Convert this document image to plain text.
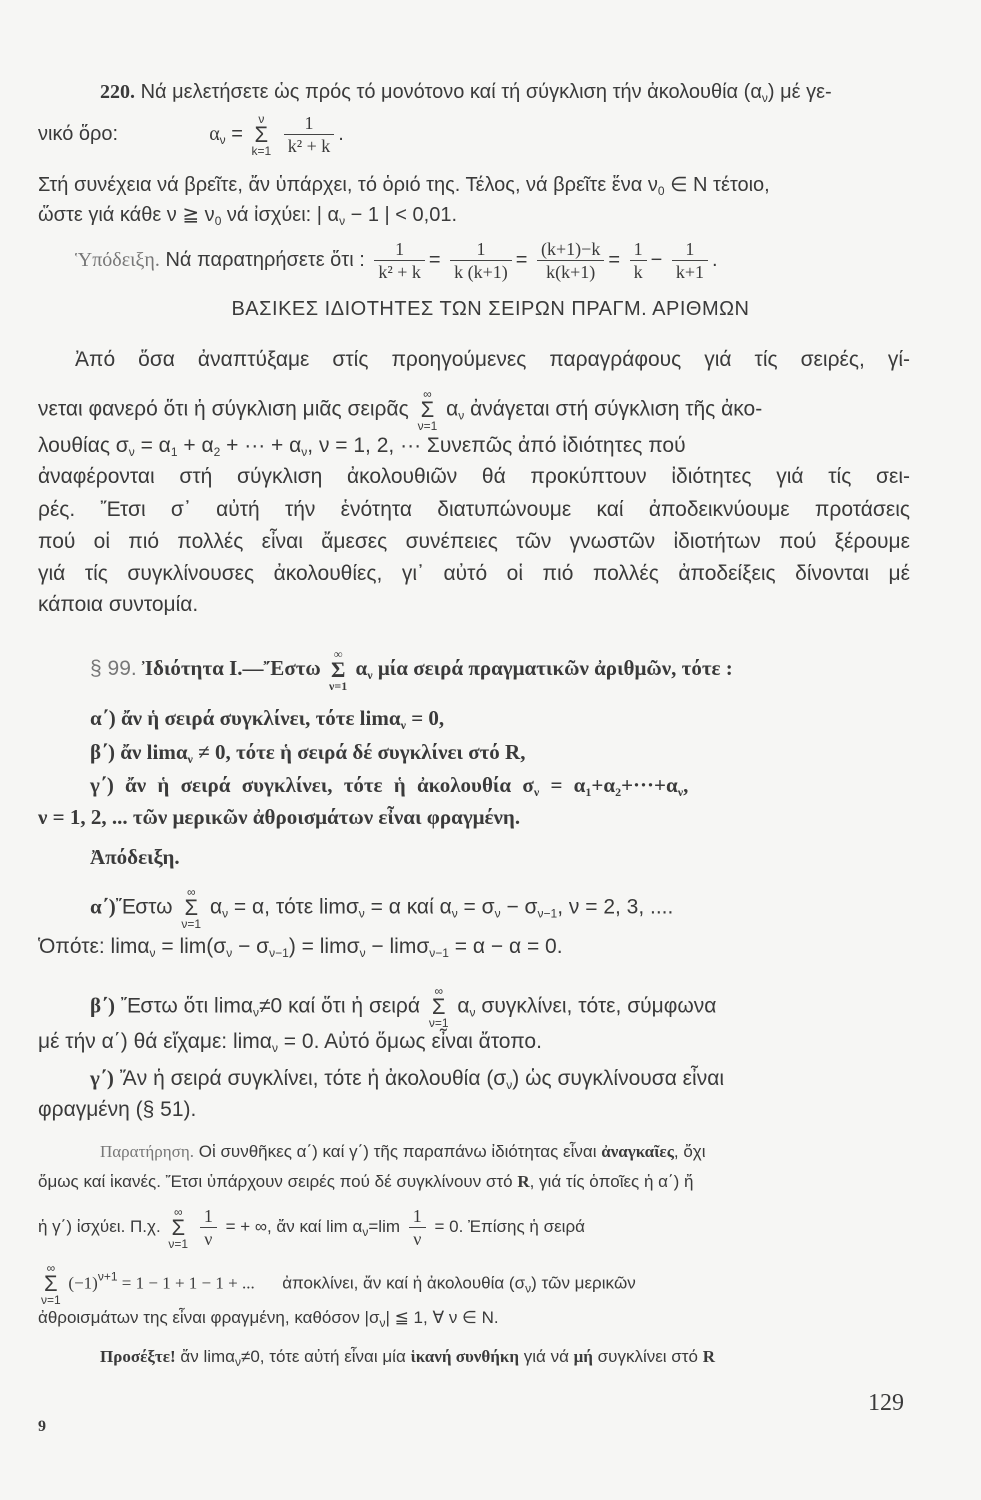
220. Νά μελετήσετε ὡς πρός τό μονότονο καί τή σύγκλιση τήν ἀκολουθία $(\alpha_\nu)$ μέ γε-
νικό ὅρο:	$\alpha_\nu$ =
ν
Σ
k=1
$\frac{1}{\text{k² + k}}$ .
Στή συνέχεια νά βρεῖτε, ἄν ὑπάρχει, τό ὁριό της. Τέλος, νά βρεῖτε ἕνα $\nu_0$ ∈ N τέτοιο,
ὥστε γιά κάθε ν ≧ $\nu_0$ νά ἰσχύει: | $\alpha_\nu - 1$ | < 0,01.
Ὑπόδειξη. Νά παρατηρήσετε ὅτι : $\frac{1}{\text{k² + k}} = \frac{1}{k (k+1)} = \frac{(k+1)-k}{k(k+1)} = \frac{1}{k} - \frac{1}{k+1}$ .
ΒΑΣΙΚΕΣ ΙΔΙΟΤΗΤΕΣ ΤΩΝ ΣΕΙΡΩΝ ΠΡΑΓΜ. ΑΡΙΘΜΩΝ
Ἀπό ὅσα ἀναπτύξαμε στίς προηγούμενες παραγράφους γιά τίς σειρές, γί-
νεται φανερό ὅτι ἡ σύγκλιση μιᾶς σειρᾶς
∞
Σ
ν=1
$\alpha_\nu$ ἀνάγεται στή σύγκλιση τῆς ἀκο-
λουθίας $\sigma_\nu = \alpha_1 + \alpha_2$ + ··· + $\alpha_\nu$, ν = 1, 2, ··· Συνεπῶς ἀπό ἰδιότητες πού
ἀναφέρονται στή σύγκλιση ἀκολουθιῶν θά προκύπτουν ἰδιότητες γιά τίς σει-
ρές. Ἔτσι σ᾽ αὐτή τήν ἑνότητα διατυπώνουμε καί ἀποδεικνύουμε προτάσεις
πού οἱ πιό πολλές εἶναι ἄμεσες συνέπειες τῶν γνωστῶν ἰδιοτήτων πού ξέρουμε
γιά τίς συγκλίνουσες ἀκολουθίες, γι᾽ αὐτό οἱ πιό πολλές ἀποδείξεις δίνονται μέ
κάποια συντομία.
§ 99. Ἰδιότητα Ι.—Ἔστω
∞
Σ
ν=1
$\alpha_\nu$ μία σειρά πραγματικῶν ἀριθμῶν, τότε :
α΄) ἄν ἡ σειρά συγκλίνει, τότε limα$_\nu$ = 0,
β΄) ἄν limα$_\nu$ ≠ 0, τότε ἡ σειρά δέ συγκλίνει στό R,
γ΄) ἄν ἡ σειρά συγκλίνει, τότε ἡ ἀκολουθία $\sigma_\nu = \alpha_1+\alpha_2+\cdot\cdot\cdot+\alpha_\nu$,
ν = 1, 2, ... τῶν μερικῶν ἀθροισμάτων εἶναι φραγμένη.
Ἀπόδειξη.
α΄)Ἔστω
∞
Σ
ν=1
$\alpha_\nu = \alpha$, τότε limσ$_\nu$ = α καί $\alpha_\nu = \sigma_\nu - \sigma_{\nu-1}$, ν = 2, 3, ....
Ὁπότε: $\lim\alpha_\nu = \lim(\sigma_\nu - \sigma_{\nu-1}) = \lim\sigma_\nu - \lim\sigma_{\nu-1} = \alpha - \alpha = 0$.
β΄) Ἔστω ὅτι limα$_\nu$≠0 καί ὅτι ἡ σειρά
∞
Σ
ν=1
$\alpha_\nu$ συγκλίνει, τότε, σύμφωνα
μέ τήν α΄) θά εἴχαμε: limα$_\nu$ = 0. Αὐτό ὅμως εἶναι ἄτοπο.
γ΄) Ἄν ἡ σειρά συγκλίνει, τότε ἡ ἀκολουθία $(\sigma_\nu)$ ὡς συγκλίνουσα εἶναι
φραγμένη (§ 51).
Παρατήρηση. Οἱ συνθῆκες α΄) καί γ΄) τῆς παραπάνω ἰδιότητας εἶναι ἀναγκαῖες, ὄχι
ὅμως καί ἱκανές. Ἔτσι ὑπάρχουν σειρές πού δέ συγκλίνουν στό R, γιά τίς ὁποῖες ἡ α΄) ἤ
ἡ γ΄) ἰσχύει. Π.χ.
∞
Σ
ν=1
$\frac{1}{\nu}$ = + ∞, ἄν καί $\lim \alpha_\nu=\lim \frac{1}{\nu} = 0$. Ἐπίσης ἡ σειρά
∞
Σ
ν=1
$(-1)^{\nu+1} = 1 - 1 + 1 - 1$ + ... ἀποκλίνει, ἄν καί ἡ ἀκολουθία $(\sigma_\nu)$ τῶν μερικῶν
ἀθροισμάτων της εἶναι φραγμένη, καθόσον $|\sigma_\nu|$ ≦ 1, ∀ ν ∈ N.
Προσέξτε! ἄν limα$_\nu$≠0, τότε αὐτή εἶναι μία ἱκανή συνθήκη γιά νά μή συγκλίνει στό R
129
9
